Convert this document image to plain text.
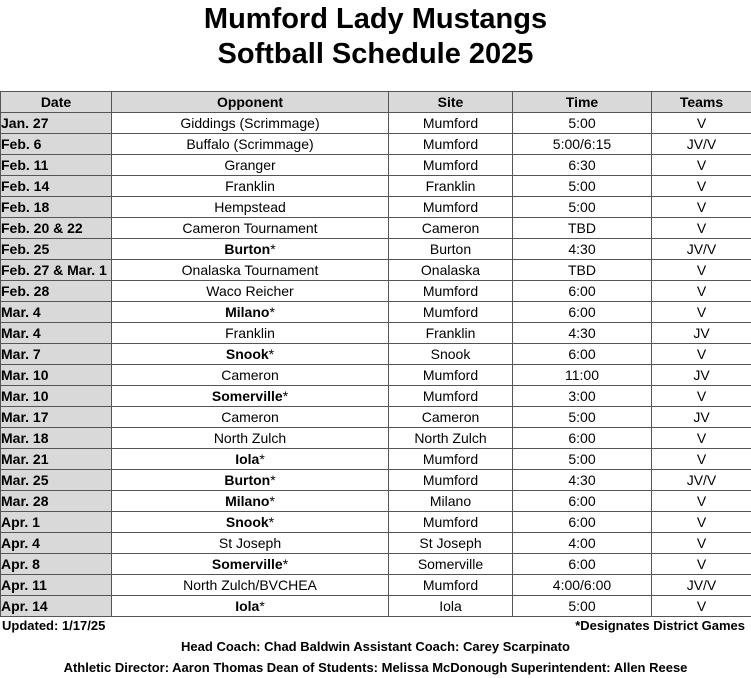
Mumford Lady Mustangs
Softball Schedule 2025
Date	Opponent	Site	Time	Teams
Jan. 27	Giddings (Scrimmage)	Mumford	5:00	V
Feb. 6	Buffalo (Scrimmage)	Mumford	5:00/6:15	JV/V
Feb. 11	Granger	Mumford	6:30	V
Feb. 14	Franklin	Franklin	5:00	V
Feb. 18	Hempstead	Mumford	5:00	V
Feb. 20 & 22	Cameron Tournament	Cameron	TBD	V
Feb. 25	Burton*	Burton	4:30	JV/V
Feb. 27 & Mar. 1	Onalaska Tournament	Onalaska	TBD	V
Feb. 28	Waco Reicher	Mumford	6:00	V
Mar. 4	Milano*	Mumford	6:00	V
Mar. 4	Franklin	Franklin	4:30	JV
Mar. 7	Snook*	Snook	6:00	V
Mar. 10	Cameron	Mumford	11:00	JV
Mar. 10	Somerville*	Mumford	3:00	V
Mar. 17	Cameron	Cameron	5:00	JV
Mar. 18	North Zulch	North Zulch	6:00	V
Mar. 21	Iola*	Mumford	5:00	V
Mar. 25	Burton*	Mumford	4:30	JV/V
Mar. 28	Milano*	Milano	6:00	V
Apr. 1	Snook*	Mumford	6:00	V
Apr. 4	St Joseph	St Joseph	4:00	V
Apr. 8	Somerville*	Somerville	6:00	V
Apr. 11	North Zulch/BVCHEA	Mumford	4:00/6:00	JV/V
Apr. 14	Iola*	Iola	5:00	V
Updated: 1/17/25	*Designates District Games
Head Coach: Chad Baldwin Assistant Coach: Carey Scarpinato
Athletic Director: Aaron Thomas Dean of Students: Melissa McDonough Superintendent: Allen Reese
